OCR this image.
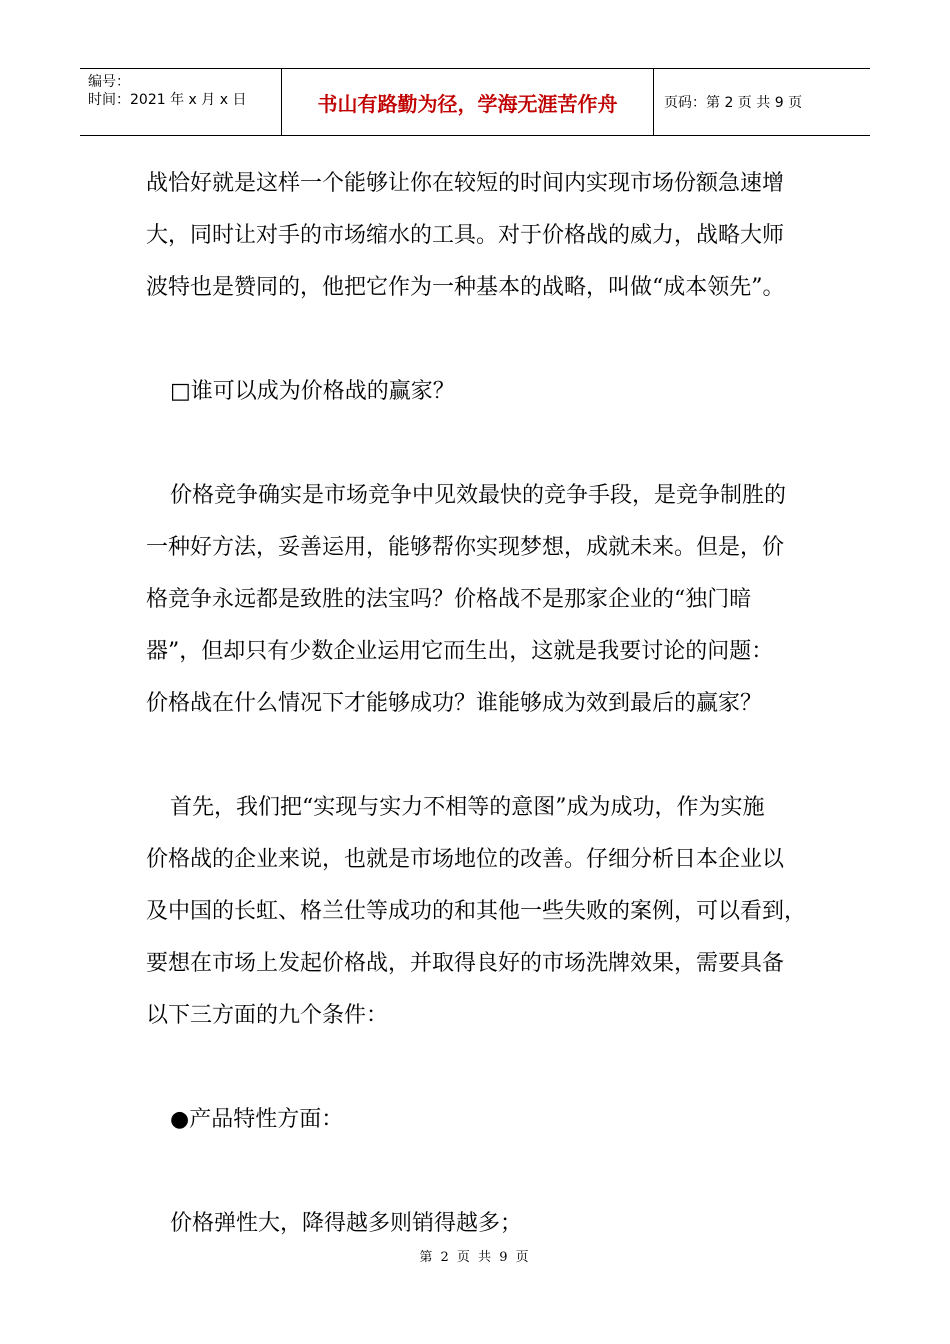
编号：
时间：2021 年 x 月 x 日	书山有路勤为径，学海无涯苦作舟	页码：第 2 页 共 9 页
战恰好就是这样一个能够让你在较短的时间内实现市场份额急速增
大，同时让对手的市场缩水的工具。对于价格战的威力，战略大师
波特也是赞同的，他把它作为一种基本的战略，叫做“成本领先”。
□谁可以成为价格战的赢家？
价格竞争确实是市场竞争中见效最快的竞争手段，是竞争制胜的
一种好方法，妥善运用，能够帮你实现梦想，成就未来。但是，价
格竞争永远都是致胜的法宝吗？价格战不是那家企业的“独门暗
器”，但却只有少数企业运用它而生出，这就是我要讨论的问题：
价格战在什么情况下才能够成功？谁能够成为效到最后的赢家？
首先，我们把“实现与实力不相等的意图”成为成功，作为实施
价格战的企业来说，也就是市场地位的改善。仔细分析日本企业以
及中国的长虹、格兰仕等成功的和其他一些失败的案例，可以看到，
要想在市场上发起价格战，并取得良好的市场洗牌效果，需要具备
以下三方面的九个条件：
●产品特性方面：
价格弹性大，降得越多则销得越多；
第 2 页 共 9 页
